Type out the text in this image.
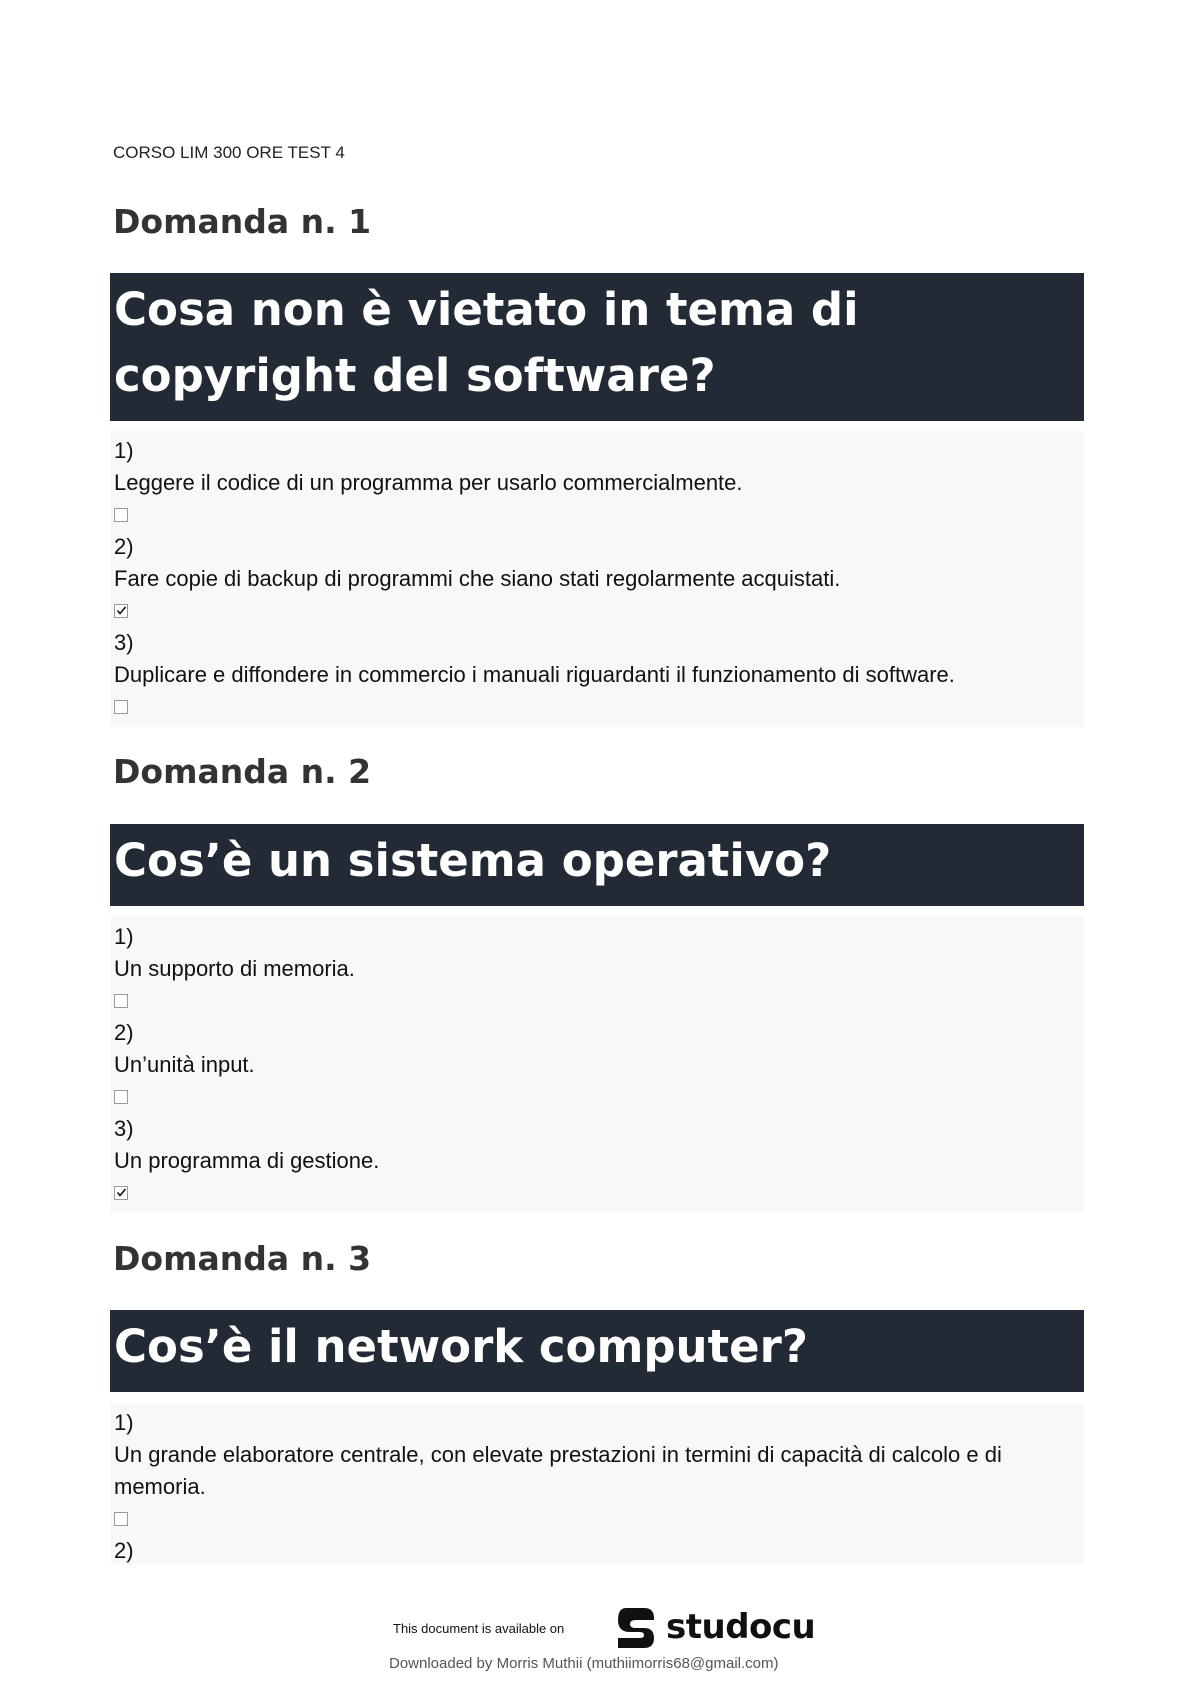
CORSO LIM 300 ORE TEST 4
Domanda n. 1
Cosa non è vietato in tema di copyright del software?
1)
Leggere il codice di un programma per usarlo commercialmente.
2)
Fare copie di backup di programmi che siano stati regolarmente acquistati.
3)
Duplicare e diffondere in commercio i manuali riguardanti il funzionamento di software.
Domanda n. 2
Cos’è un sistema operativo?
1)
Un supporto di memoria.
2)
Un’unità input.
3)
Un programma di gestione.
Domanda n. 3
Cos’è il network computer?
1)
Un grande elaboratore centrale, con elevate prestazioni in termini di capacità di calcolo e di memoria.
2)
This document is available on	studocu
Downloaded by Morris Muthii (muthiimorris68@gmail.com)
